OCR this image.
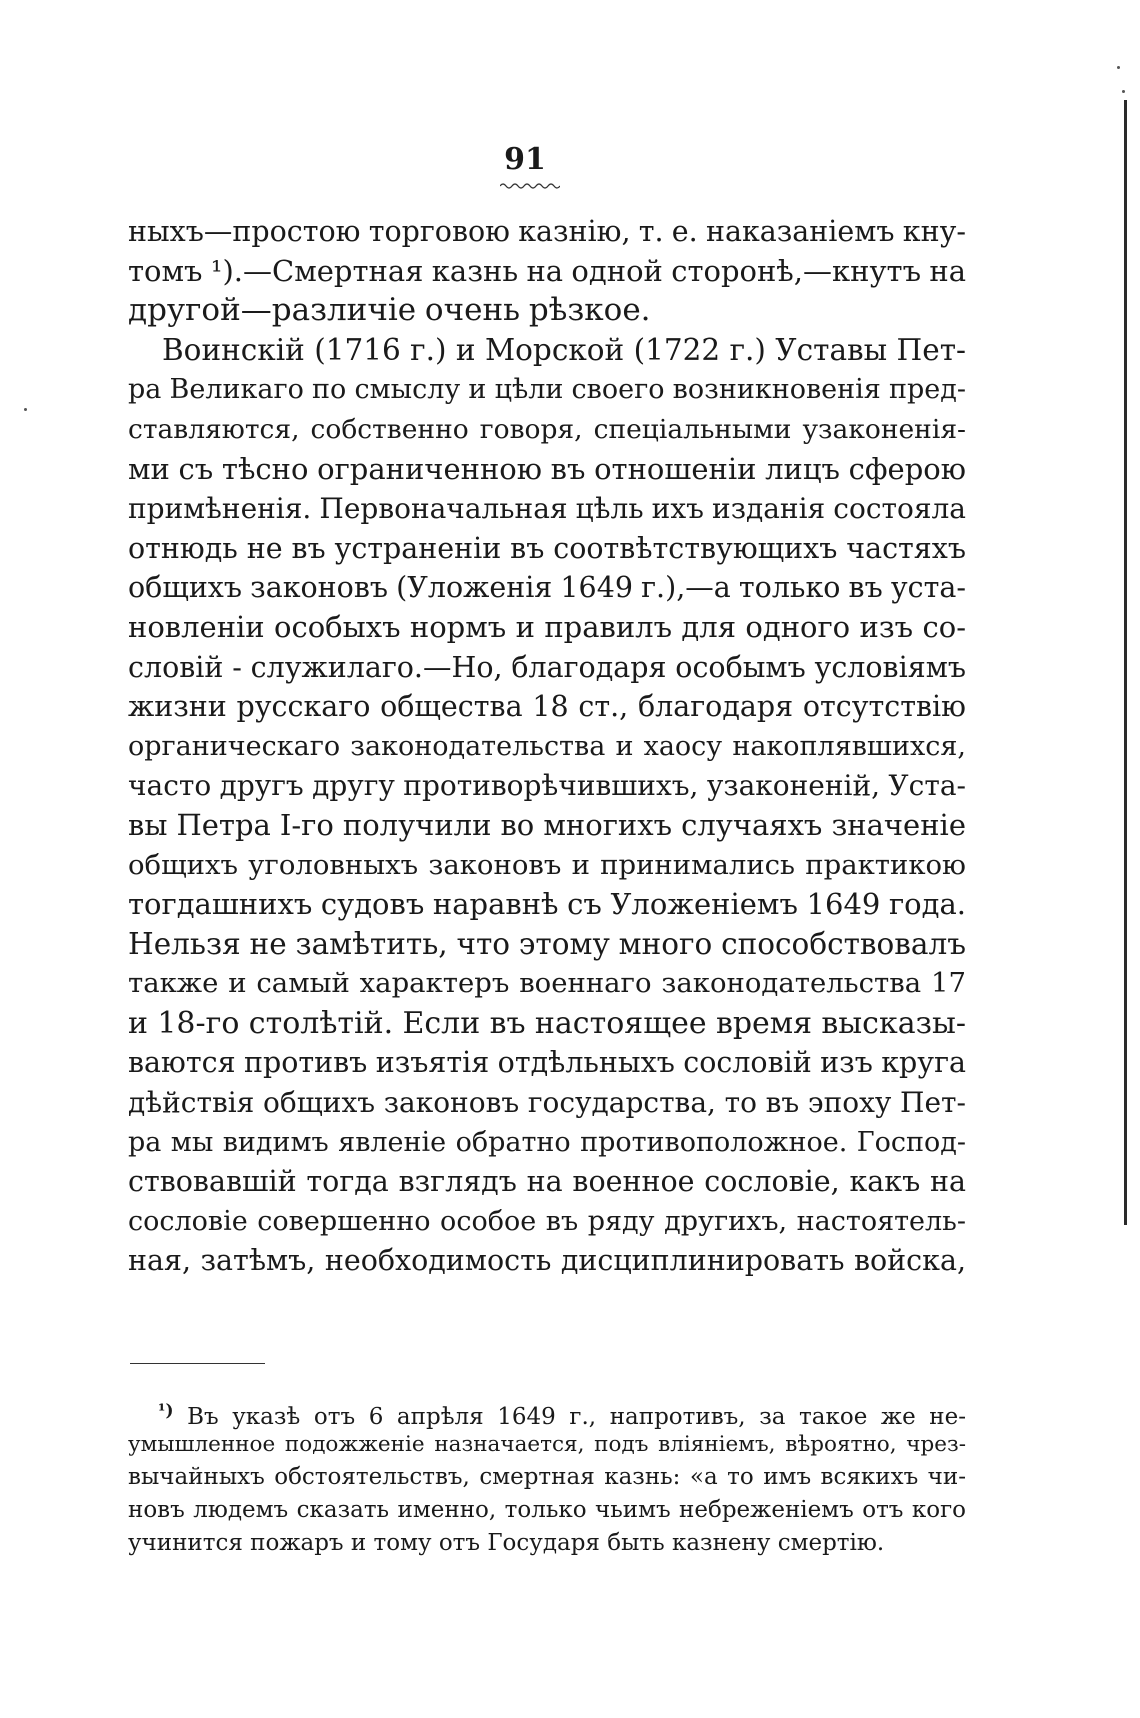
91
ныхъ—простою торговою казнію, т. е. наказаніемъ кну-
томъ ¹).—Смертная казнь на одной сторонѣ,—кнутъ на
другой—различіе очень рѣзкое.
Воинскій (1716 г.) и Морской (1722 г.) Уставы Пет-
ра Великаго по смыслу и цѣли своего возникновенія пред-
ставляются, собственно говоря, спеціальными узаконенія-
ми съ тѣсно ограниченною въ отношеніи лицъ сферою
примѣненія. Первоначальная цѣль ихъ изданія состояла
отнюдь не въ устраненіи въ соотвѣтствующихъ частяхъ
общихъ законовъ (Уложенія 1649 г.),—а только въ уста-
новленіи особыхъ нормъ и правилъ для одного изъ со-
словій - служилаго.—Но, благодаря особымъ условіямъ
жизни русскаго общества 18 ст., благодаря отсутствію
органическаго законодательства и хаосу накоплявшихся,
часто другъ другу противорѣчившихъ, узаконеній, Уста-
вы Петра I-го получили во многихъ случаяхъ значеніе
общихъ уголовныхъ законовъ и принимались практикою
тогдашнихъ судовъ наравнѣ съ Уложеніемъ 1649 года.
Нельзя не замѣтить, что этому много способствовалъ
также и самый характеръ военнаго законодательства 17
и 18-го столѣтій. Если въ настоящее время высказы-
ваются противъ изъятія отдѣльныхъ сословій изъ круга
дѣйствія общихъ законовъ государства, то въ эпоху Пет-
ра мы видимъ явленіе обратно противоположное. Господ-
ствовавшій тогда взглядъ на военное сословіе, какъ на
сословіе совершенно особое въ ряду другихъ, настоятель-
ная, затѣмъ, необходимость дисциплинировать войска,
$^{^1)}$ Въ указѣ отъ 6 апрѣля 1649 г., напротивъ, за такое же не-
умышленное подожженіе назначается, подъ вліяніемъ, вѣроятно, чрез-
вычайныхъ обстоятельствъ, смертная казнь: «а то имъ всякихъ чи-
новъ людемъ сказать именно, только чьимъ небреженіемъ отъ кого
учинится пожаръ и тому отъ Государя быть казнену смертію.
